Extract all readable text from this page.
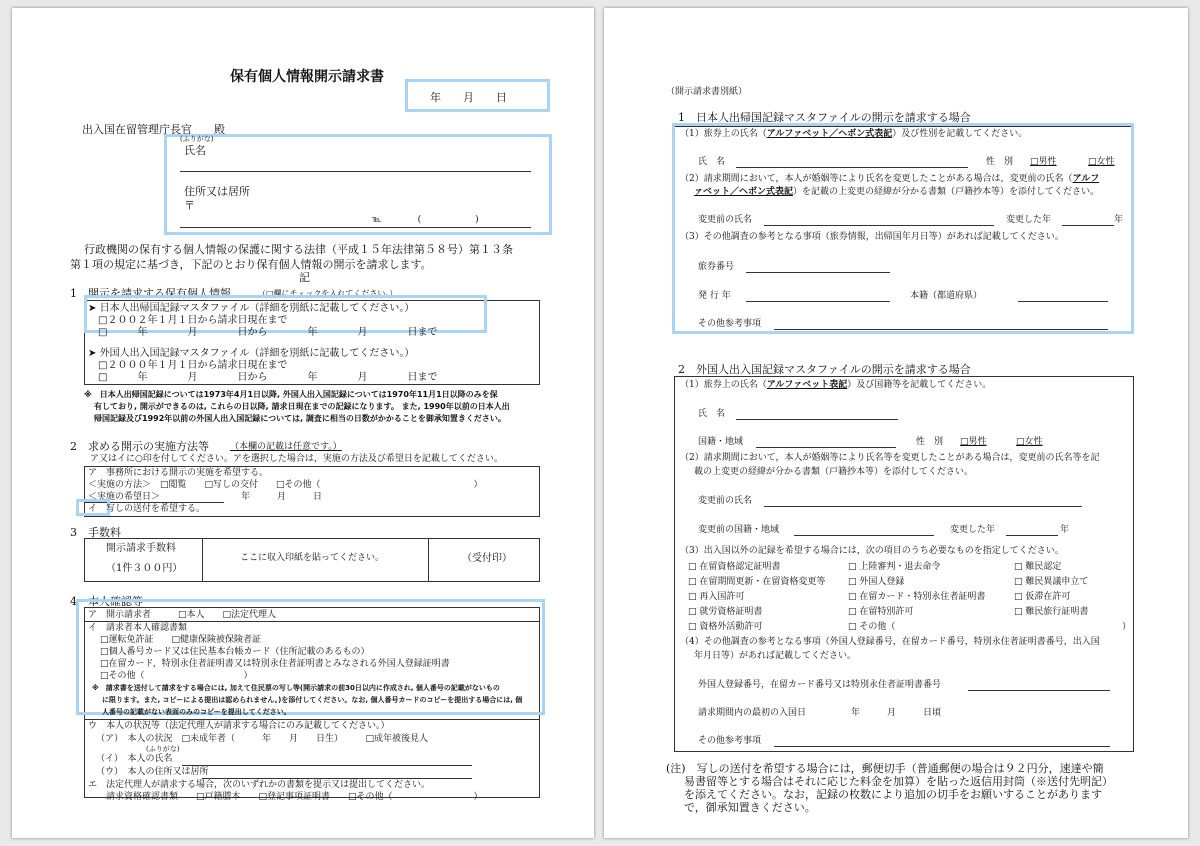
保有個人情報開示請求書
年　　月　　日
出入国在留管理庁長官　　殿
(ふりがな)
氏名
住所又は居所
〒
℡　　　　(　　　　　　)
行政機関の保有する個人情報の保護に関する法律（平成１５年法律第５８号）第１３条
第１項の規定に基づき，下記のとおり保有個人情報の開示を請求します。
記
1　開示を請求する保有個人情報	（□欄にチェックを入れてください。）
➤ 日本人出帰国記録マスタファイル（詳細を別紙に記載してください。）
□２００２年１月１日から請求日現在まで
□　　　年　　　　月　　　　日から　　　　年　　　　月　　　　日まで
➤ 外国人出入国記録マスタファイル（詳細を別紙に記載してください。）
□２０００年１月１日から請求日現在まで
□　　　年　　　　月　　　　日から　　　　年　　　　月　　　　日まで
※　日本人出帰国記録については1973年4月1日以降, 外国人出入国記録については1970年11月1日以降のみを保
有しており, 開示ができるのは, これらの日以降, 請求日現在までの記録になります。 また, 1990年以前の日本人出
帰国記録及び1992年以前の外国人出入国記録については, 調査に相当の日数がかかることを御承知置きください。
2　求める開示の実施方法等 （本欄の記載は任意です。）
ア又はイに○印を付してください。アを選択した場合は，実施の方法及び希望日を記載してください。
ア　事務所における開示の実施を希望する。
＜実施の方法＞　□閲覧　　□写しの交付　　□その他（　　　　　　　　　　　　　　　　　）
＜実施の希望日＞　　　　　　　　　年　　　月　　　日
イ　写しの送付を希望する。
3　手数料
開示請求手数料
（1件３００円）
ここに収入印紙を貼ってください。	（受付印）
4　本人確認等
ア　開示請求者　　　□本人　　□法定代理人
イ　請求者本人確認書類
□運転免許証　　□健康保険被保険者証
□個人番号カード又は住民基本台帳カード（住所記載のあるもの）
□在留カード，特別永住者証明書又は特別永住者証明書とみなされる外国人登録証明書
□その他（　　　　　　　　　　　）
※　請求書を送付して請求をする場合には, 加えて住民票の写し等(開示請求の前30日以内に作成され, 個人番号の記載がないもの
に限ります。また, コピーによる提出は認められません。)を添付してください。なお, 個人番号カードのコピーを提出する場合には, 個
人番号の記載がない表面のみのコピーを提出してください。
ウ　本人の状況等（法定代理人が請求する場合にのみ記載してください。）
（ア）　本人の状況　□未成年者（　　　年　　月　　日生）　　　□成年被後見人
(ふりがな)
（イ）　本人の氏名
（ウ）　本人の住所又は居所
エ　法定代理人が請求する場合，次のいずれかの書類を提示又は提出してください。
請求資格確認書類　　□戸籍謄本　　□登記事項証明書　　□その他（　　　　　　　　　）
（開示請求書別紙）
1　日本人出帰国記録マスタファイルの開示を請求する場合
（1）旅券上の氏名（アルファベット／ヘボン式表記）及び性別を記載してください。
氏　名	性　別 □男性	□女性
（2）請求期間において，本人が婚姻等により氏名を変更したことがある場合は，変更前の氏名（アルフ
ァベット／ヘボン式表記）を記載の上変更の経緯が分かる書類（戸籍抄本等）を添付してください。
変更前の氏名	変更した年	年
（3）その他調査の参考となる事項（旅券情報，出帰国年月日等）があれば記載してください。
旅券番号
発 行 年	本籍（都道府県）
その他参考事項
2　外国人出入国記録マスタファイルの開示を請求する場合
（1）旅券上の氏名（アルファベット表記）及び国籍等を記載してください。
氏　名
国籍・地域	性　別 □男性	□女性
（2）請求期間において，本人が婚姻等により氏名等を変更したことがある場合は，変更前の氏名等を記
載の上変更の経緯が分かる書類（戸籍抄本等）を添付してください。
変更前の氏名
変更前の国籍・地域	変更した年	年
（3）出入国以外の記録を希望する場合には，次の項目のうち必要なものを指定してください。
□ 在留資格認定証明書	□ 上陸審判・退去命令	□ 難民認定
□ 在留期間更新・在留資格変更等	□ 外国人登録	□ 難民異議申立て
□ 再入国許可	□ 在留カード・特別永住者証明書	□ 仮滞在許可
□ 就労資格証明書	□ 在留特別許可	□ 難民旅行証明書
□ 資格外活動許可	□ その他（	）
（4）その他調査の参考となる事項（外国人登録番号，在留カード番号，特別永住者証明書番号，出入国
年月日等）があれば記載してください。
外国人登録番号，在留カード番号又は特別永住者証明書番号
請求期間内の最初の入国日　　　　　年　　　月　　　日頃
その他参考事項
(注)　写しの送付を希望する場合には，郵便切手（普通郵便の場合は９２円分，速達や簡
易書留等とする場合はそれに応じた料金を加算）を貼った返信用封筒（※送付先明記）
を添えてください。なお，記録の枚数により追加の切手をお願いすることがあります
で，御承知置きください。
